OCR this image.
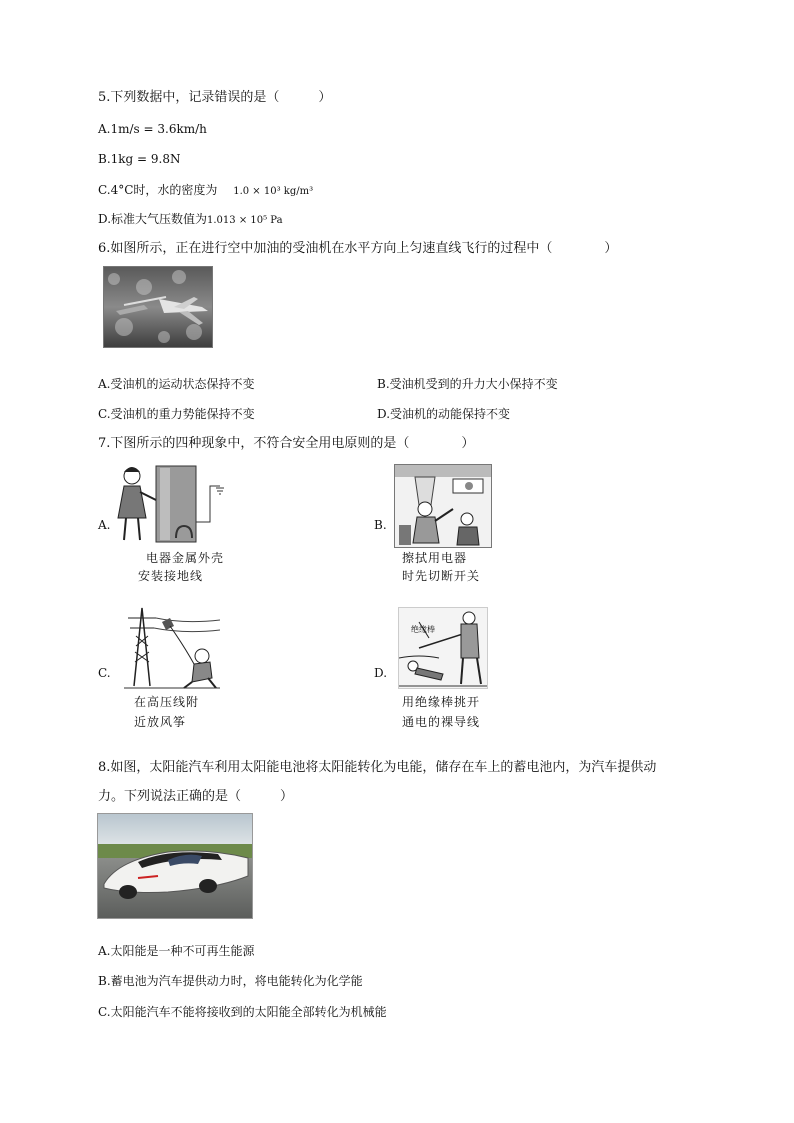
5.下列数据中，记录错误的是（　　　）
A.1m/s = 3.6km/h
B.1kg = 9.8N
C.4°C时，水的密度为 1.0 × 10³ kg/m³
D.标准大气压数值为1.013 × 10⁵ Pa
6.如图所示，正在进行空中加油的受油机在水平方向上匀速直线飞行的过程中（　　　　）
A.受油机的运动状态保持不变	B.受油机受到的升力大小保持不变
C.受油机的重力势能保持不变	D.受油机的动能保持不变
7.下图所示的四种现象中，不符合安全用电原则的是（　　　　）
A.
电器金属外壳
安装接地线
B.
擦拭用电器
时先切断开关
C.
在高压线附
近放风筝
D.
绝缘棒
用绝缘棒挑开
通电的裸导线
8.如图，太阳能汽车利用太阳能电池将太阳能转化为电能，储存在车上的蓄电池内，为汽车提供动
力。下列说法正确的是（　　　）
A.太阳能是一种不可再生能源
B.蓄电池为汽车提供动力时，将电能转化为化学能
C.太阳能汽车不能将接收到的太阳能全部转化为机械能
